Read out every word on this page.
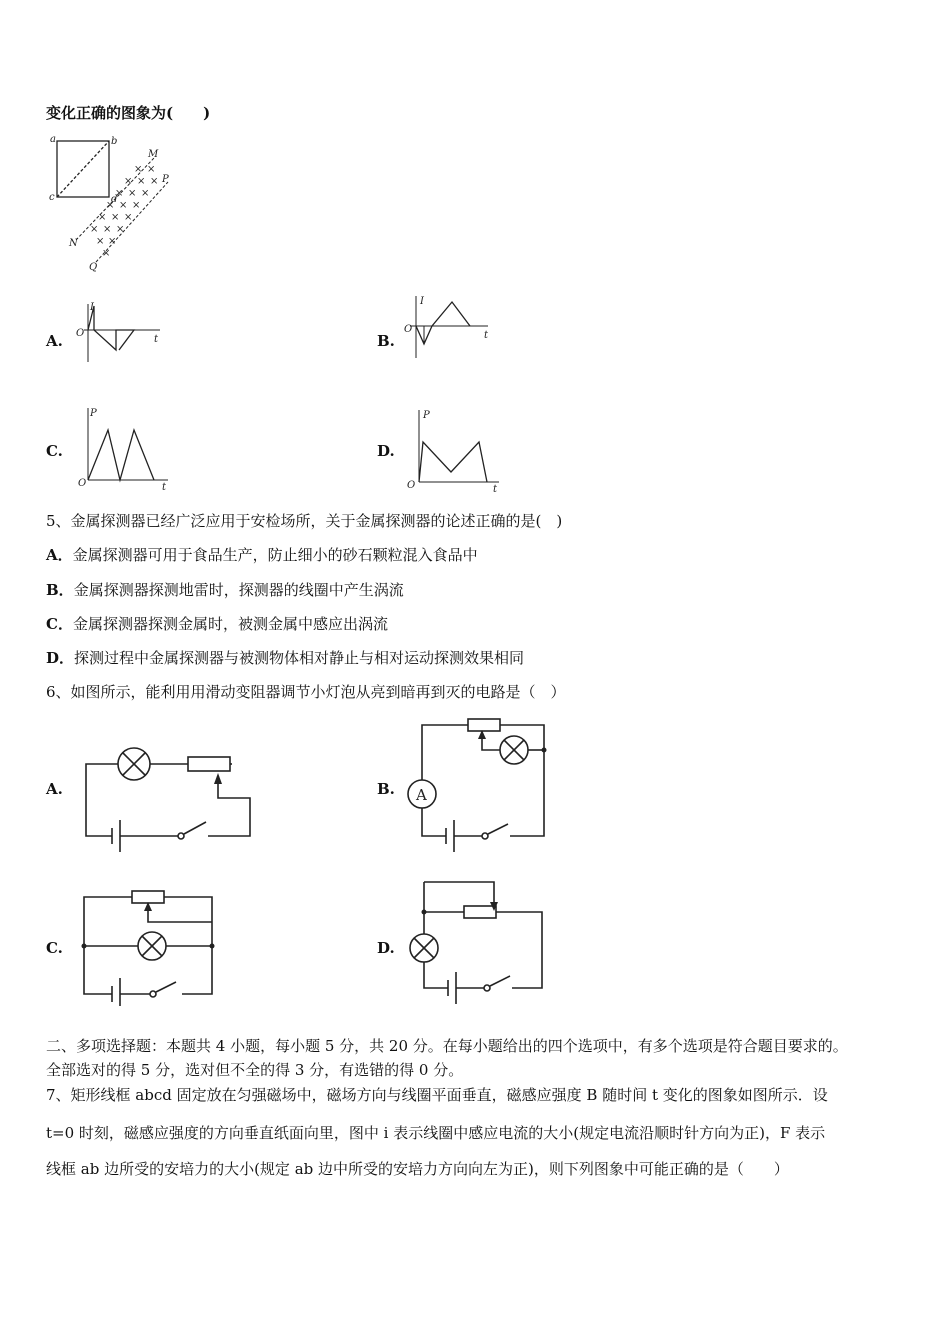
变化正确的图象为(　　)
a	b
c	d
M
N
P
Q
× ×
× × ×
× × ×
× × ×
× × ×
× × ×
× ×
×
A.
I
t
O	B.
I
t
O
C.
P
t
O
D.
P
t
O
5、金属探测器已经广泛应用于安检场所，关于金属探测器的论述正确的是(　)
A．金属探测器可用于食品生产，防止细小的砂石颗粒混入食品中
B．金属探测器探测地雷时，探测器的线圈中产生涡流
C．金属探测器探测金属时，被测金属中感应出涡流
D．探测过程中金属探测器与被测物体相对静止与相对运动探测效果相同
6、如图所示，能利用用滑动变阻器调节小灯泡从亮到暗再到灭的电路是（　）
A.	B. A
C.	D.
二、多项选择题：本题共 4 小题，每小题 5 分，共 20 分。在每小题给出的四个选项中，有多个选项是符合题目要求的。
全部选对的得 5 分，选对但不全的得 3 分，有选错的得 0 分。
7、矩形线框 abcd 固定放在匀强磁场中，磁场方向与线圈平面垂直，磁感应强度 B 随时间 t 变化的图象如图所示．设
t=0 时刻，磁感应强度的方向垂直纸面向里，图中 i 表示线圈中感应电流的大小(规定电流沿顺时针方向为正)，F 表示
线框 ab 边所受的安培力的大小(规定 ab 边中所受的安培力方向向左为正)，则下列图象中可能正确的是（　　）
